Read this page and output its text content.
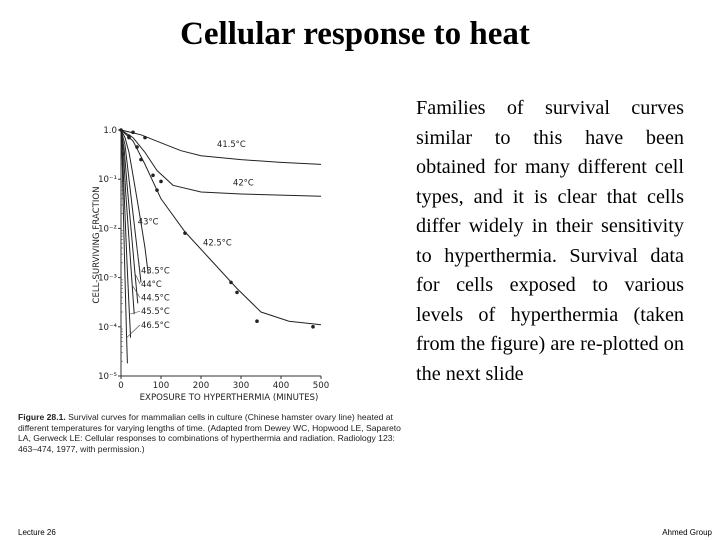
Cellular response to heat
1.0
10⁻¹
10⁻²
10⁻³
10⁻⁴
10⁻⁵
0	100	200	300	400	500
EXPOSURE TO HYPERTHERMIA (MINUTES)
CELL-SURVIVING FRACTION
41.5°C
42°C
42.5°C
43°C
43.5°C
44°C
44.5°C
45.5°C
46.5°C
Figure 28.1. Survival curves for mammalian cells in culture (Chinese hamster ovary line) heated at different temperatures for varying lengths of time. (Adapted from Dewey WC, Hopwood LE, Sapareto LA, Gerweck LE: Cellular responses to combinations of hyperthermia and radiation. Radiology 123: 463–474, 1977, with permission.)
Families of survival curves similar to this have been obtained for many different cell types, and it is clear that cells differ widely in their sensitivity to hyperthermia. Survival data for cells exposed to various levels of hyperthermia (taken from the figure) are re-plotted on the next slide
Lecture 26	Ahmed Group
